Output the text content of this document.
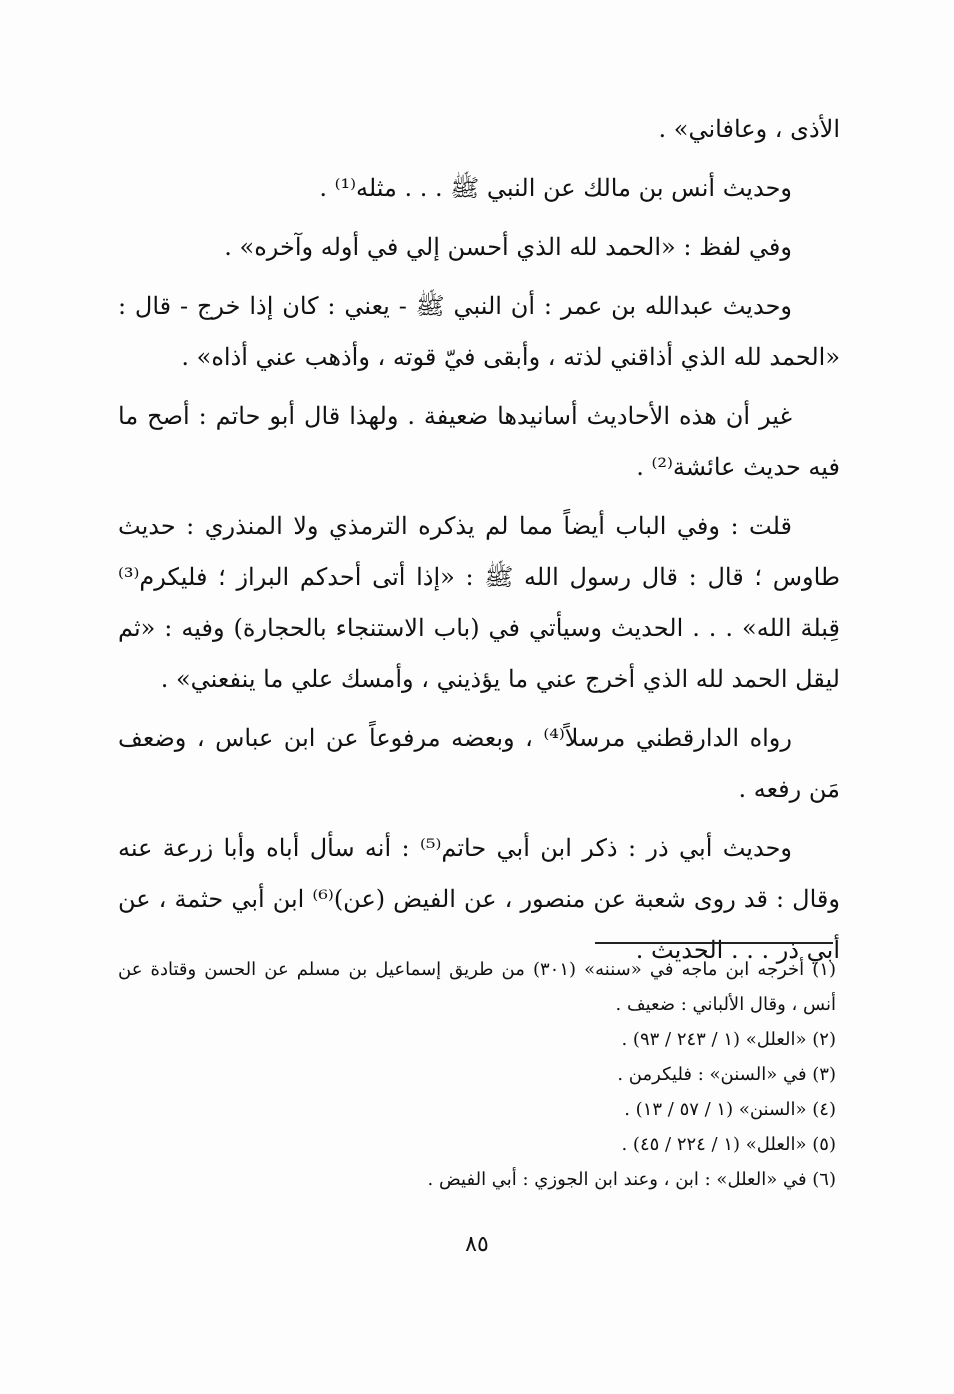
الأذى ، وعافاني» .

وحديث أنس بن مالك عن النبي ﷺ . . . مثله⁽¹⁾ .

وفي لفظ : «الحمد لله الذي أحسن إلي في أوله وآخره» .

وحديث عبدالله بن عمر : أن النبي ﷺ - يعني : كان إذا خرج - قال : «الحمد لله الذي أذاقني لذته ، وأبقى فيّ قوته ، وأذهب عني أذاه» .

غير أن هذه الأحاديث أسانيدها ضعيفة . ولهذا قال أبو حاتم : أصح ما فيه حديث عائشة⁽²⁾ .

قلت : وفي الباب أيضاً مما لم يذكره الترمذي ولا المنذري : حديث طاوس ؛ قال : قال رسول الله ﷺ : «إذا أتى أحدكم البراز ؛ فليكرم⁽³⁾ قِبلة الله» . . . الحديث وسيأتي في (باب الاستنجاء بالحجارة) وفيه : «ثم ليقل الحمد لله الذي أخرج عني ما يؤذيني ، وأمسك علي ما ينفعني» .

رواه الدارقطني مرسلاً⁽⁴⁾ ، وبعضه مرفوعاً عن ابن عباس ، وضعف مَن رفعه .

وحديث أبي ذر : ذكر ابن أبي حاتم⁽⁵⁾ : أنه سأل أباه وأبا زرعة عنه وقال : قد روى شعبة عن منصور ، عن الفيض (عن)⁽⁶⁾ ابن أبي حثمة ، عن أبي ذر . . . الحديث .

(١) أخرجه ابن ماجه في «سننه» (٣٠١) من طريق إسماعيل بن مسلم عن الحسن وقتادة عن أنس ، وقال الألباني : ضعيف .

(٢) «العلل» (١ / ٢٤٣ / ٩٣) .

(٣) في «السنن» : فليكرمن .

(٤) «السنن» (١ / ٥٧ / ١٣) .

(٥) «العلل» (١ / ٢٢٤ / ٤٥) .

(٦) في «العلل» : ابن ، وعند ابن الجوزي : أبي الفيض .

٨٥
